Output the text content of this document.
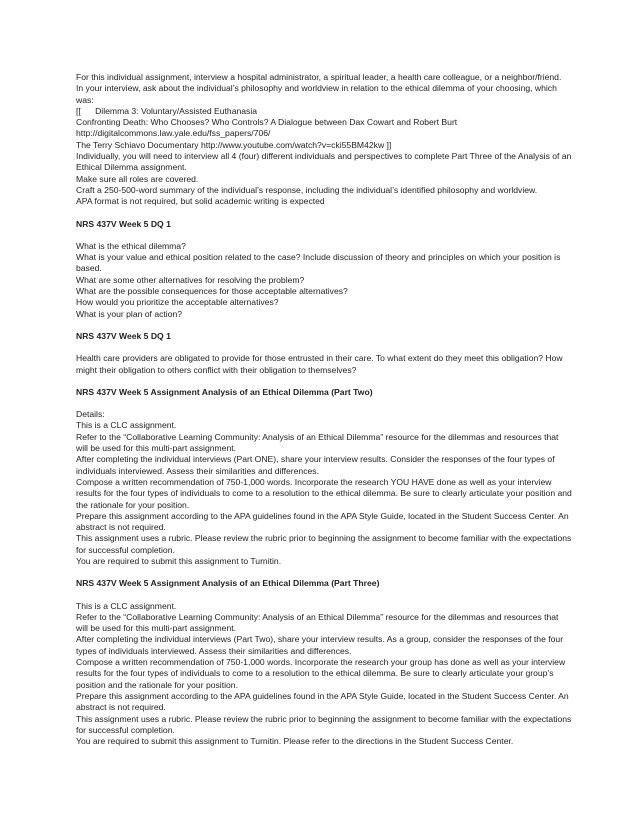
For this individual assignment, interview a hospital administrator, a spiritual leader, a health care colleague, or a neighbor/friend.

In your interview, ask about the individual’s philosophy and worldview in relation to the ethical dilemma of your choosing, which was:

[[      Dilemma 3: Voluntary/Assisted Euthanasia

Confronting Death: Who Chooses? Who Controls? A Dialogue between Dax Cowart and Robert Burt

http://digitalcommons.law.yale.edu/fss_papers/706/

The Terry Schiavo Documentary http://www.youtube.com/watch?v=cki55BM42kw ]]

Individually, you will need to interview all 4 (four) different individuals and perspectives to complete Part Three of the Analysis of an Ethical Dilemma assignment.

Make sure all roles are covered.

Craft a 250-500-word summary of the individual’s response, including the individual’s identified philosophy and worldview.

APA format is not required, but solid academic writing is expected

NRS 437V Week 5 DQ 1

What is the ethical dilemma?

What is your value and ethical position related to the case? Include discussion of theory and principles on which your position is based.

What are some other alternatives for resolving the problem?

What are the possible consequences for those acceptable alternatives?

How would you prioritize the acceptable alternatives?

What is your plan of action?

NRS 437V Week 5 DQ 1

Health care providers are obligated to provide for those entrusted in their care. To what extent do they meet this obligation? How might their obligation to others conflict with their obligation to themselves?

NRS 437V Week 5 Assignment Analysis of an Ethical Dilemma (Part Two)

Details:

This is a CLC assignment.

Refer to the “Collaborative Learning Community: Analysis of an Ethical Dilemma” resource for the dilemmas and resources that will be used for this multi-part assignment.

After completing the individual interviews (Part ONE), share your interview results. Consider the responses of the four types of individuals interviewed. Assess their similarities and differences.

Compose a written recommendation of 750-1,000 words. Incorporate the research YOU HAVE done as well as your interview results for the four types of individuals to come to a resolution to the ethical dilemma. Be sure to clearly articulate your position and the rationale for your position.

Prepare this assignment according to the APA guidelines found in the APA Style Guide, located in the Student Success Center. An abstract is not required.

This assignment uses a rubric. Please review the rubric prior to beginning the assignment to become familiar with the expectations for successful completion.

You are required to submit this assignment to Turnitin.

NRS 437V Week 5 Assignment Analysis of an Ethical Dilemma (Part Three)

This is a CLC assignment.

Refer to the “Collaborative Learning Community: Analysis of an Ethical Dilemma” resource for the dilemmas and resources that will be used for this multi-part assignment.

After completing the individual interviews (Part Two), share your interview results. As a group, consider the responses of the four types of individuals interviewed. Assess their similarities and differences.

Compose a written recommendation of 750-1,000 words. Incorporate the research your group has done as well as your interview results for the four types of individuals to come to a resolution to the ethical dilemma. Be sure to clearly articulate your group’s position and the rationale for your position.

Prepare this assignment according to the APA guidelines found in the APA Style Guide, located in the Student Success Center. An abstract is not required.

This assignment uses a rubric. Please review the rubric prior to beginning the assignment to become familiar with the expectations for successful completion.

You are required to submit this assignment to Turnitin. Please refer to the directions in the Student Success Center.
